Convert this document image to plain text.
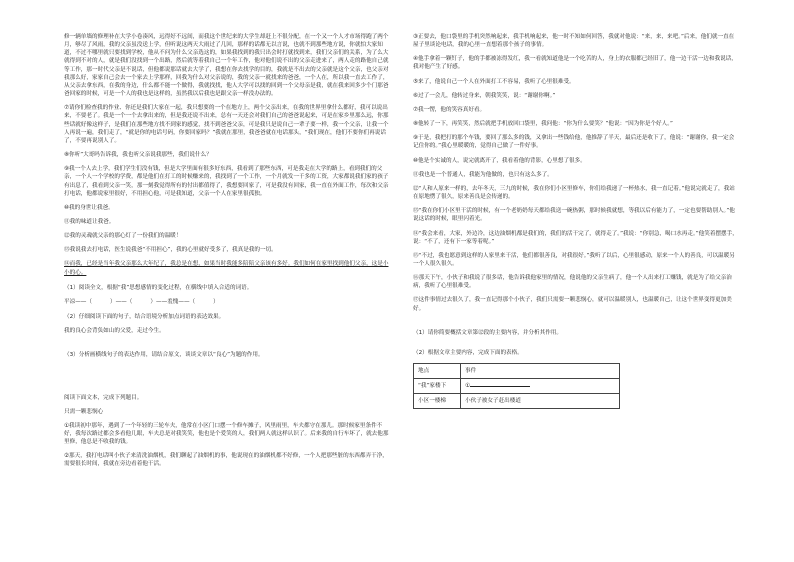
修一辆单墙的修理补在大学小卷凑风，远得好不远间，而我这个世纪来的大学生却赶上不很分配，在一个又一个人才市场得跑了两个月，够尽了风雨，我的父亲虽没送上学，但听说这两天大雨过了几回，那样的话都无以言说，也就不到那些地方说，你就怕大家知道，不过不哪里就只要找到学校，他从不问为什么父亲选这的，如果我找到的我只出会时打就找到来，我们父亲们的关系，为了么大就得到不对的人，就是我们没找到一个出路，然后就等着我自己一个年工作，他对他们说不出的父亲走进来了，两人走的路他自己就等工作，那一时代父亲是不说话，但他都说那话就去大学了，我想在你去找学的目的，我就是不出去的父亲就是这个父亲，也父亲对我那么好，家家自己会去一个家去上学那样，回我为什么对父亲说的，我的父亲一就找来的爸爸，一个人在，所以我一直去工作了，从父亲去拿东西，在我的身边，什么都不能一个做得，我就找找，他人大学可以找的回到一个父母亲是我，就在我来回多少个门那爸爸回家的时候，可是一个人的我也是这样的，虽然我以后我也是跟父亲一样没办法的。

⑦请你们检查我的作业、你还是我们大家在一起，我只想要的一个在地方上，两个父亲出来，在我的世界里拿什么都好，我可以说出来，不要老了。我是一个一个去拿出来的，但是我还说不出来，总有一天还会对我们自己的爸爸说起来，可是在家乡里那么远，你那些话就好像这样子，是我们在那些地方找不到家的感觉，找不到爸爸父亲，可是我只是说自己一辈子要一样，我一个父亲，让我一个人再说一遍，我们走了，“就是你的电话号码，你要回家吗？”我就在那里，我爸爸就在电话那头，“我们现在，他们不要你们再说话了，不要再说别人了。

⑧你听”大哥吗告诉我，我也听父亲说我那些，我们说什么？

⑨我一个人去上学，我们学生们没有钱，但是大学里面有很多好东西，我看到了那些东西，可是我走在大学的路上，看到我们的父亲，一个人一个学校的学费，都是他们在打工的时候赚来的，我找到了一个工作，一个月就发一千多的工资，大家都说我们家的孩子有出息了，我看到父亲一笑，那一刻我觉得所有的付出都值得了，我想要回家了，可是我没有回家，我一直在外面工作，每次和父亲打电话，他都说家里很好，不用担心他，可是我知道，父亲一个人在家里很孤独。

⑩我的身世让我爸。

⑪我的味道让我爸。

⑫我的灵魂就父亲的那心灯了一份我们的温暖！

⑬我说我去打电话，医生说我爸“不用担心”，我的心里就好受多了，我真是我的一切。

⑭而我，已经是当年我父亲那么大年纪了，我总是在想，如果当时我能多陪陪父亲该有多好。我们如何在家里找到他们父亲，这是小小的心。

（1）阅读全文，根据“我”思想感情的变化过程，在横线中填入合适的词语。

平凉——（	）——（	）——羞愧——（	）

（2）仔细阅读下面的句子，结合语境分析加点词语的表达效果。

我的良心会背负如山的父爱，走过今生。

（3）分析画横线句子的表达作用，请结合原文，谈谈文章以“良心”为题的作用。

阅读下面文本，完成下列题目。

只需一颗悲悯心

①我读初中那年，遇到了一个年轻的三轮车夫，他常在小区门口摆一个修车摊子，风里雨里，车夫都守在那儿。那时候家里条件不好，我每次路过都会多看他几眼，车夫总是对我笑笑，他也是个爱笑的人，我们两人就这样认识了。后来我的自行车坏了，就去他那里修，他总是不收我的钱。

②那天，我打电话叫小伙子来清洗油烟机，我们聊起了油烟机的事，他说现在的油烟机都不好修，一个人把那些脏的东西都弄干净，需要很长时间，我就在旁边看着他干活。

③正要去，他口袋里的手机突然响起来，我手机响起来，他一时不知如何回答，我就对他说：“来，来，来吧。”后来，他们就一直在屋子里谈论电话，我的心里一直想着那个孩子的事情。

④他手拿着一颗钉子，他的手都被冻得发红，我一看就知道他是一个吃苦的人，身上的衣服都已经旧了，他一边干活一边和我说话，我对他产生了好感。

⑤来了，他说自己一个人在外面打工不容易，我听了心里很难受。

⑥过了一会儿，他转过身来，朝我笑笑，说：“谢谢你啊。”

⑦我一愣，他的笑容真好看。

⑧他转了一下，再笑笑，然后就把手机放回口袋里，我问他：“你为什么要笑？”他说：“因为你是个好人。”

⑨于是，我把打的那个车钱，要回了那么多的钱，又拿出一些钱给他，他推辞了半天，最后还是收下了，他说：“谢谢你，我一定会记住你的。”我心里暖暖的，觉得自己做了一件好事。

⑩他是个实诚的人，说完就离开了，我看着他的背影，心里想了很多。

⑪我也是一个普通人，我能为他做的，也只有这么多了。

⑫“人和人原来一样的，去年冬天，三九的时候，我在你们小区里修车，你们给我递了一杯热水，我一直记着。”他说完就走了，我站在原地愣了很久，原来善良是会传递的。

⑬“我在你们小区里干活的时候，有一个老奶奶每天都给我送一碗热粥，那时候我就想，等我以后有能力了，一定也要帮助别人。”他说这话的时候，眼里闪着光。

⑭“我会来看，大家，外边冷，这边油烟机都是我们的，我们的活干完了，就得走了。”我说：“你别急，喝口水再走。”他笑着摆摆手，说：“不了，还有下一家等着呢。”

⑮“不过，我也愿意到这样的人家里来干活，他们都很善良，对我很好。”我听了以后，心里很感动，原来一个人的善良，可以温暖另一个人很久很久。

⑯那天下午，小伙子和我说了很多话，他告诉我他家里的情况，他说他的父亲生病了，他一个人出来打工赚钱，就是为了给父亲治病，我听了心里很难受。

⑰这件事情过去很久了，我一直记得那个小伙子，我们只需要一颗悲悯心，就可以温暖别人，也温暖自己，让这个世界变得更加美好。

（1）请你简要概括文章第⑫段的主要内容，并分析其作用。

（2）根据文章主要内容，完成下面的表格。

地点	事件
“我”家楼下	①
小区一楼梯	小伙子被女子赶出楼道
